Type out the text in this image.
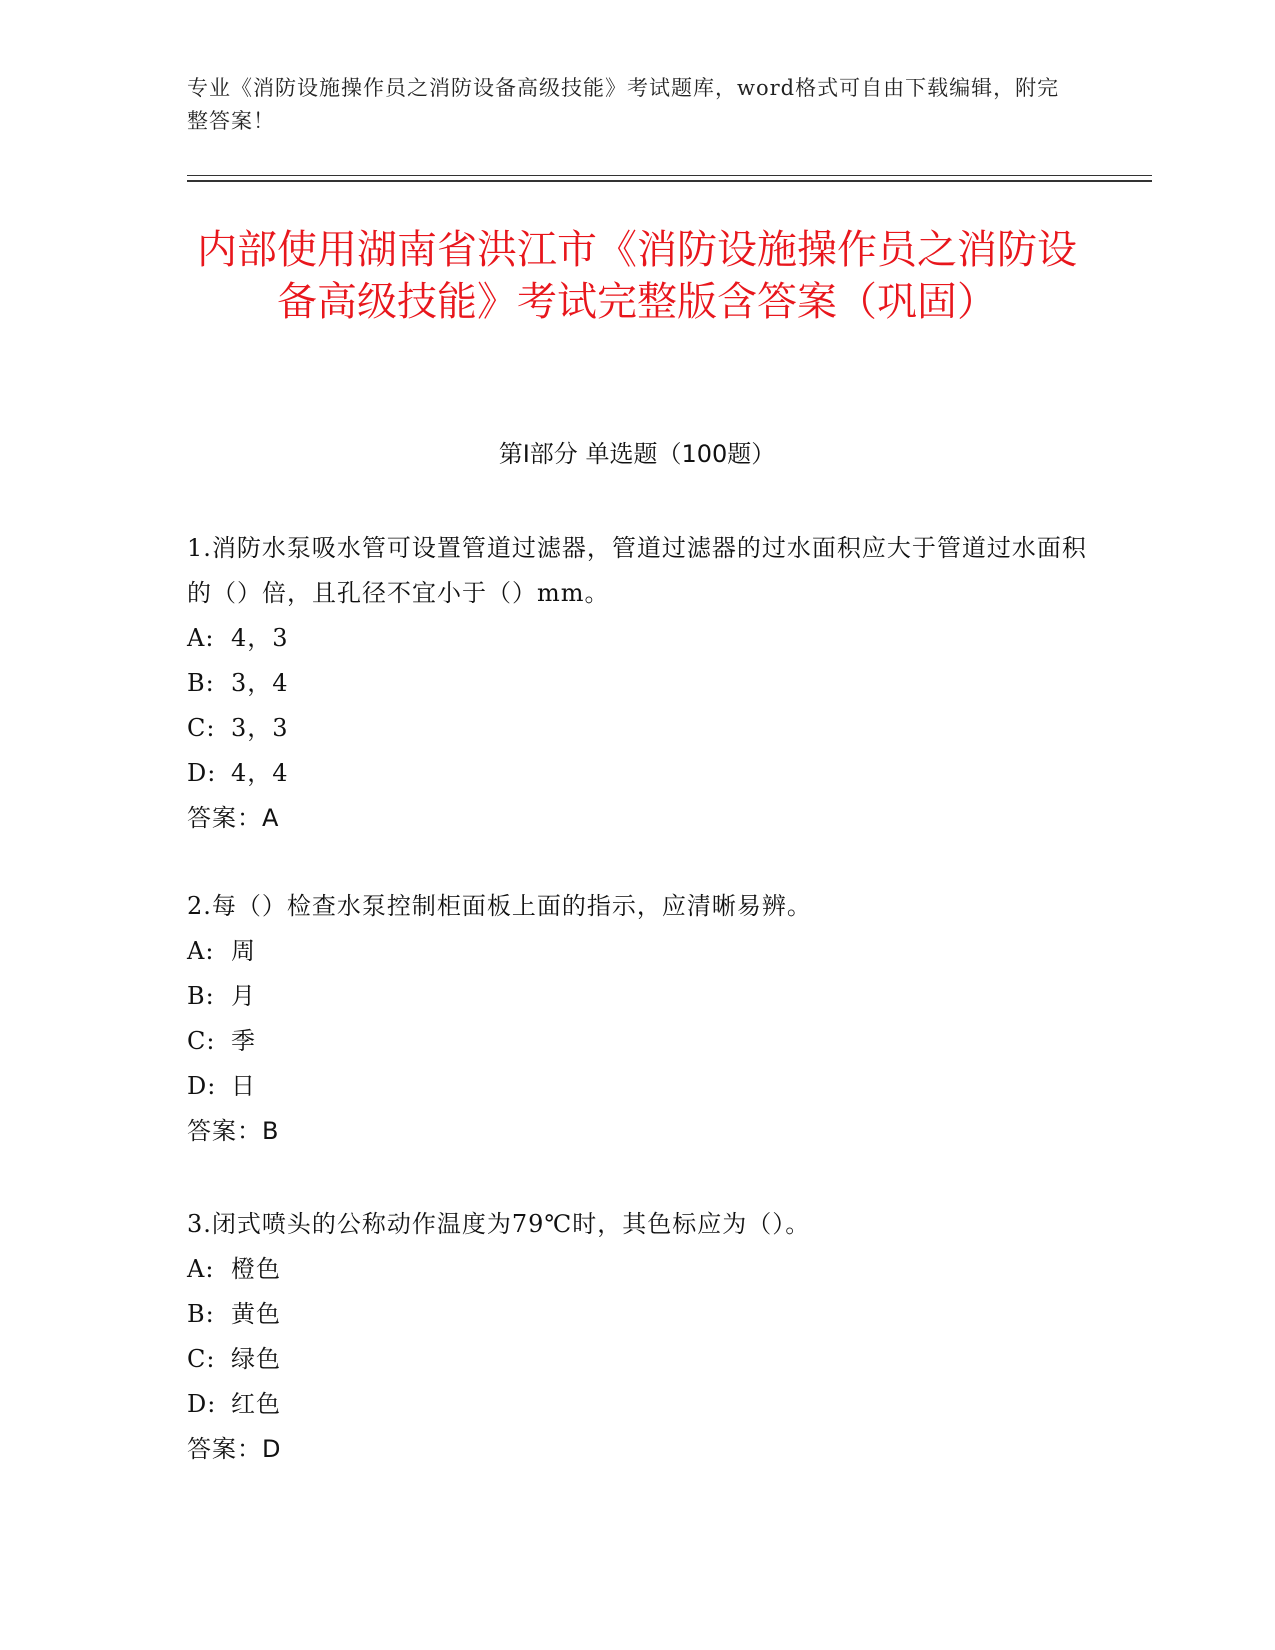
专业《消防设施操作员之消防设备高级技能》考试题库，word格式可自由下载编辑，附完整答案！
内部使用湖南省洪江市《消防设施操作员之消防设备高级技能》考试完整版含答案（巩固）
第Ⅰ部分 单选题（100题）
1.消防水泵吸水管可设置管道过滤器，管道过滤器的过水面积应大于管道过水面积的（）倍，且孔径不宜小于（）mm。
A: 4，3
B: 3，4
C: 3，3
D: 4，4
答案：A
2.每（）检查水泵控制柜面板上面的指示，应清晰易辨。
A: 周
B: 月
C: 季
D: 日
答案：B
3.闭式喷头的公称动作温度为79℃时，其色标应为（）。
A: 橙色
B: 黄色
C: 绿色
D: 红色
答案：D
